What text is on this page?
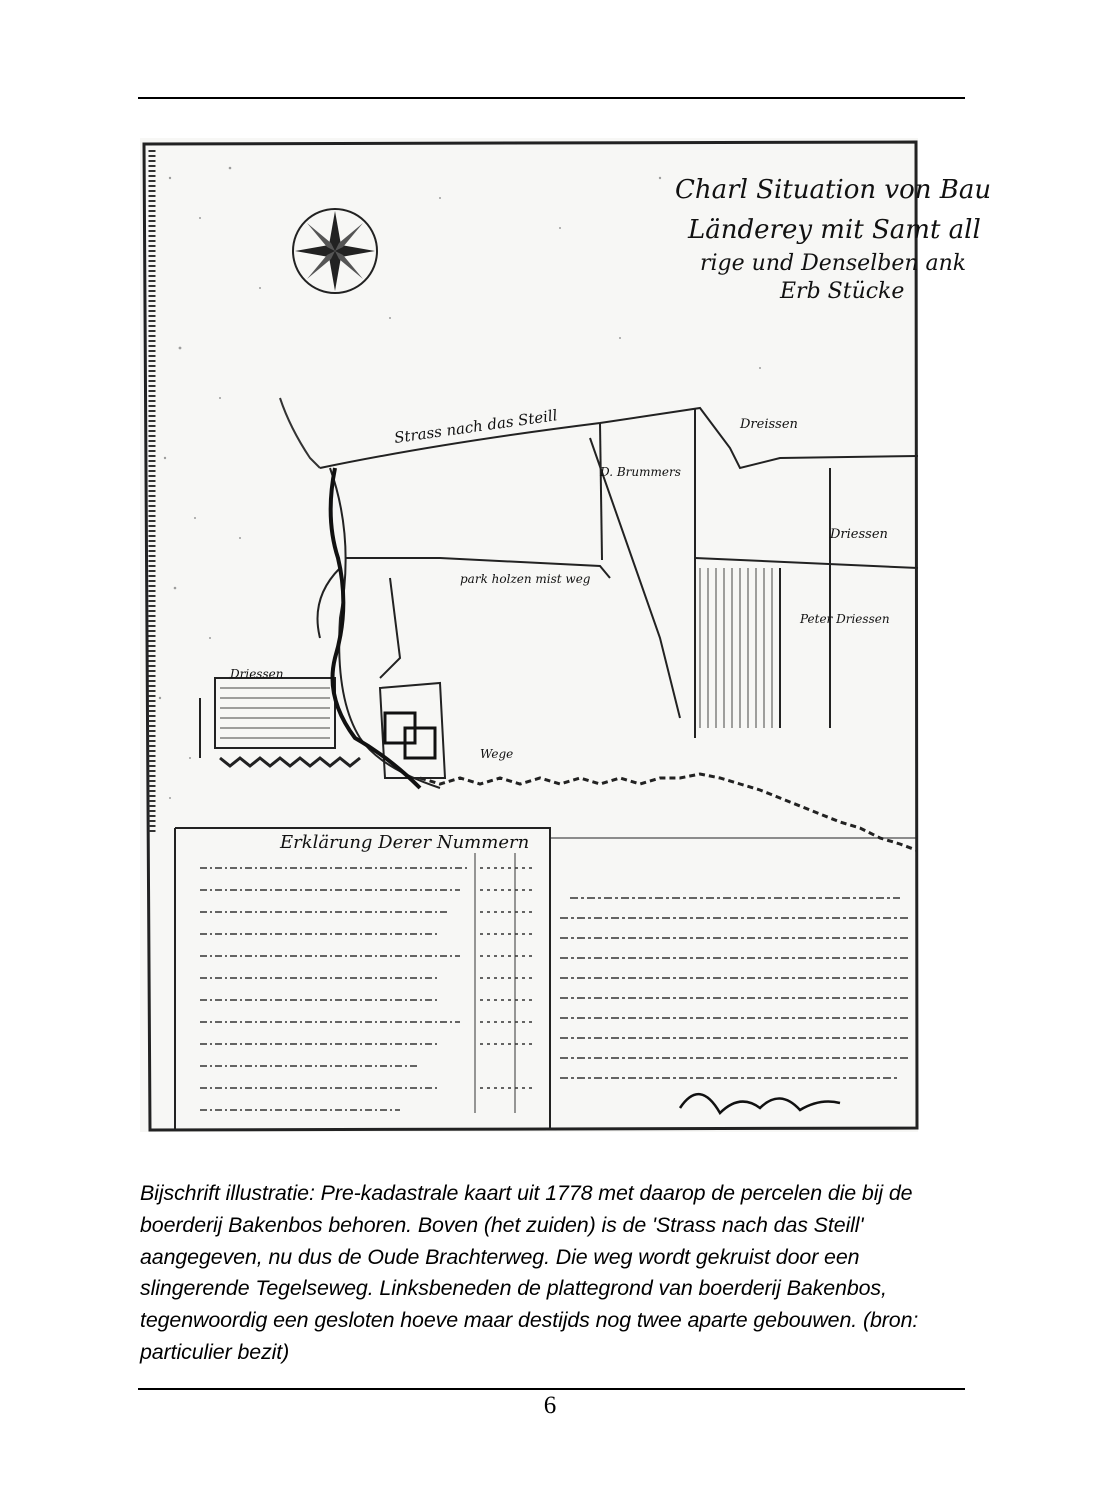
Charl Situation von Bau
Länderey mit Samt all
rige und Denselben ank
Erb Stücke
Strass nach das Steill
D. Brummers
Dreissen
Driessen
park holzen mist weg
Peter Driessen
Driessen
Wege
Erklärung Derer Nummern

Bijschrift illustratie: Pre-kadastrale kaart uit 1778 met daarop de percelen die bij de boerderij Bakenbos behoren. Boven (het zuiden) is de 'Strass nach das Steill' aangegeven, nu dus de Oude Brachterweg. Die weg wordt gekruist door een slingerende Tegelseweg. Linksbeneden de plattegrond van boerderij Bakenbos, tegenwoordig een gesloten hoeve maar destijds nog twee aparte gebouwen. (bron: particulier bezit)

6
